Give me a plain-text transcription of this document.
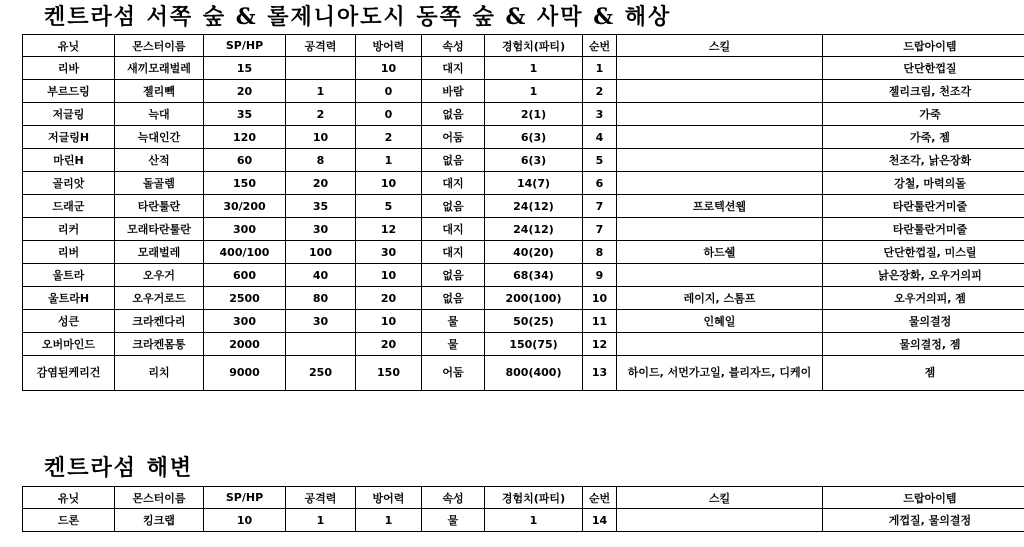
켄트라섬 서쪽 숲 & 롤제니아도시 동쪽 숲 & 사막 & 해상
유닛	몬스터이름	SP/HP	공격력	방어력	속성	경험치(파티)	순번	스킬	드랍아이템
리바	새끼모래벌레	15		10	대지	1	1		단단한껍질
부르드링	젤리빽	20	1	0	바람	1	2		젤리크림, 천조각
저글링	늑대	35	2	0	없음	2(1)	3		가죽
저글링H	늑대인간	120	10	2	어둠	6(3)	4		가죽, 젬
마린H	산적	60	8	1	없음	6(3)	5		천조각, 낡은장화
골리앗	돌골렘	150	20	10	대지	14(7)	6		강철, 마력의돌
드래군	타란툴란	30/200	35	5	없음	24(12)	7	프로텍션웹	타란툴란거미줄
리커	모래타란툴란	300	30	12	대지	24(12)	7		타란툴란거미줄
리버	모래벌레	400/100	100	30	대지	40(20)	8	하드쉘	단단한껍질, 미스릴
울트라	오우거	600	40	10	없음	68(34)	9		낡은장화, 오우거의피
울트라H	오우거로드	2500	80	20	없음	200(100)	10	레이지, 스톰프	오우거의피, 젬
성큰	크라켄다리	300	30	10	물	50(25)	11	인혜일	물의결정
오버마인드	크라켄몸통	2000		20	물	150(75)	12		물의결정, 젬
감염된케리건	리치	9000	250	150	어둠	800(400)	13	하이드, 서먼가고일, 블리자드, 디케이	젬
켄트라섬 해변
유닛	몬스터이름	SP/HP	공격력	방어력	속성	경험치(파티)	순번	스킬	드랍아이템
드론	킹크랩	10	1	1	물	1	14		게껍질, 물의결정
